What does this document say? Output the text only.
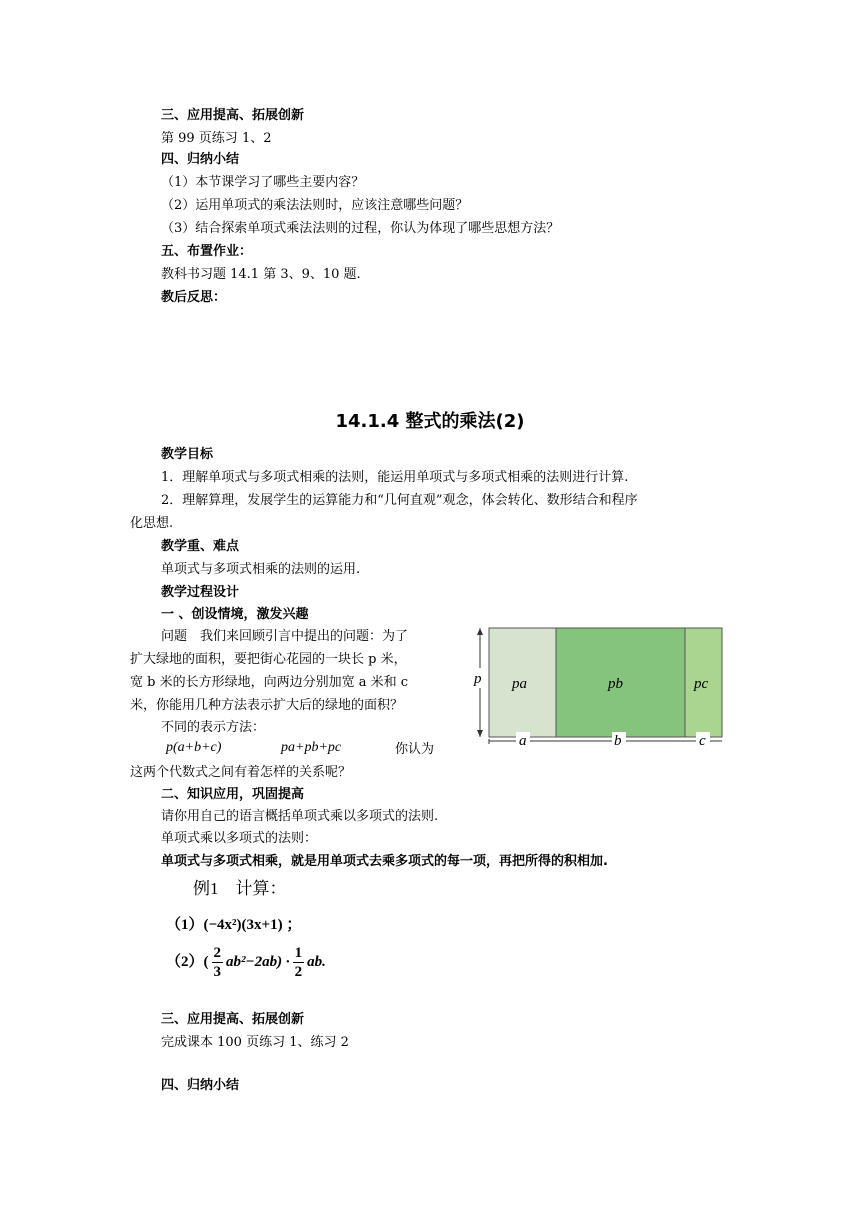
三、应用提高、拓展创新
第 99 页练习 1、2
四、归纳小结
（1）本节课学习了哪些主要内容？
（2）运用单项式的乘法法则时，应该注意哪些问题？
（3）结合探索单项式乘法法则的过程，你认为体现了哪些思想方法？
五、布置作业：
教科书习题 14.1 第 3、9、10 题.
教后反思：
14.1.4 整式的乘法(2)
教学目标
1．理解单项式与多项式相乘的法则，能运用单项式与多项式相乘的法则进行计算.
2．理解算理，发展学生的运算能力和“几何直观”观念，体会转化、数形结合和程序
化思想.
教学重、难点
单项式与多项式相乘的法则的运用.
教学过程设计
一 、创设情境，激发兴趣
问题　我们来回顾引言中提出的问题：为了
扩大绿地的面积，要把街心花园的一块长 p 米，
宽 b 米的长方形绿地，向两边分别加宽 a 米和 c
米，你能用几种方法表示扩大后的绿地的面积？
不同的表示方法：
p(a+b+c)	pa+pb+pc	你认为
这两个代数式之间有着怎样的关系呢？
pa	pb	pc
p
a	b	c
二、知识应用，巩固提高
请你用自己的语言概括单项式乘以多项式的法则.
单项式乘以多项式的法则：
单项式与多项式相乘，就是用单项式去乘多项式的每一项，再把所得的积相加.
例1　计算：
（1）(−4x²)(3x+1) ；
$(2)( \frac{2}{3} ab^2-2ab) \cdot \frac{1}{2}$ ab.
三、应用提高、拓展创新
完成课本 100 页练习 1、练习 2
四、归纳小结
